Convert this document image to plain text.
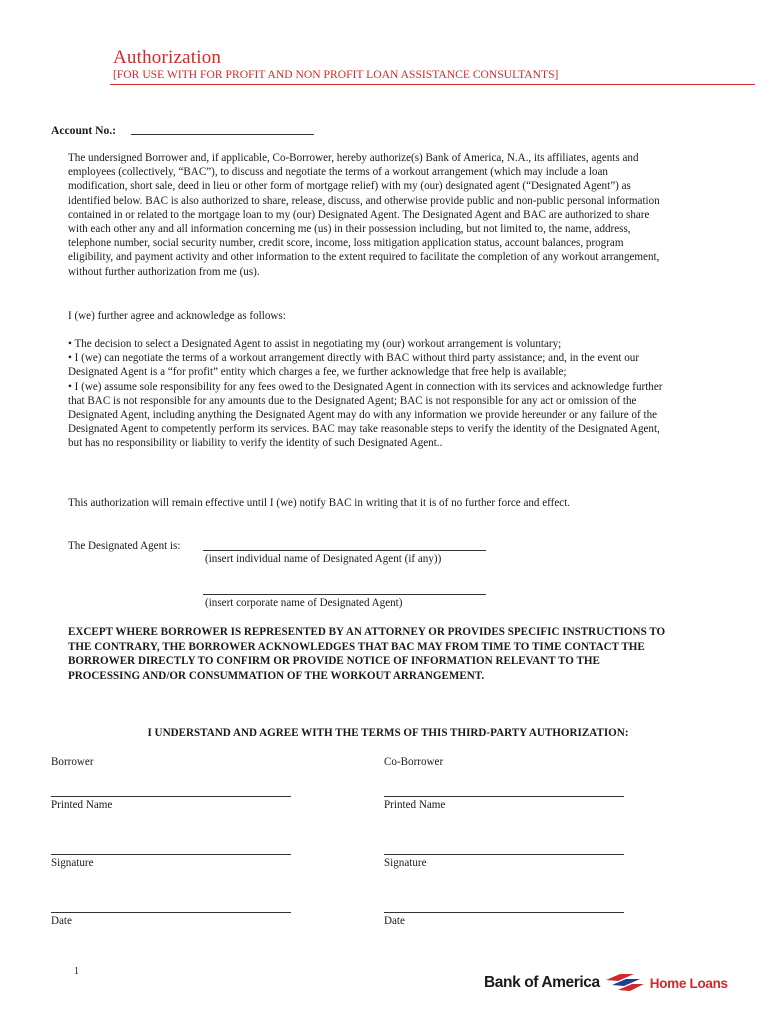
Authorization
[FOR USE WITH FOR PROFIT AND NON PROFIT LOAN ASSISTANCE CONSULTANTS]
Account No.:
The undersigned Borrower and, if applicable, Co-Borrower, hereby authorize(s) Bank of America, N.A., its affiliates, agents and employees (collectively, “BAC”), to discuss and negotiate the terms of a workout arrangement (which may include a loan modification, short sale, deed in lieu or other form of mortgage relief) with my (our) designated agent (“Designated Agent”) as identified below. BAC is also authorized to share, release, discuss, and otherwise provide public and non-public personal information contained in or related to the mortgage loan to my (our) Designated Agent. The Designated Agent and BAC are authorized to share with each other any and all information concerning me (us) in their possession including, but not limited to, the name, address, telephone number, social security number, credit score, income, loss mitigation application status, account balances, program eligibility, and payment activity and other information to the extent required to facilitate the completion of any workout arrangement, without further authorization from me (us).
I (we) further agree and acknowledge as follows:

• The decision to select a Designated Agent to assist in negotiating my (our) workout arrangement is voluntary;

• I (we) can negotiate the terms of a workout arrangement directly with BAC without third party assistance; and, in the event our Designated Agent is a “for profit” entity which charges a fee, we further acknowledge that free help is available;

• I (we) assume sole responsibility for any fees owed to the Designated Agent in connection with its services and acknowledge further that BAC is not responsible for any amounts due to the Designated Agent; BAC is not responsible for any act or omission of the Designated Agent, including anything the Designated Agent may do with any information we provide hereunder or any failure of the Designated Agent to competently perform its services. BAC may take reasonable steps to verify the identity of the Designated Agent, but has no responsibility or liability to verify the identity of such Designated Agent..

This authorization will remain effective until I (we) notify BAC in writing that it is of no further force and effect.
The Designated Agent is:
(insert individual name of Designated Agent (if any))
(insert corporate name of Designated Agent)
EXCEPT WHERE BORROWER IS REPRESENTED BY AN ATTORNEY OR PROVIDES SPECIFIC INSTRUCTIONS TO THE CONTRARY, THE BORROWER ACKNOWLEDGES THAT BAC MAY FROM TIME TO TIME CONTACT THE BORROWER DIRECTLY TO CONFIRM OR PROVIDE NOTICE OF INFORMATION RELEVANT TO THE PROCESSING AND/OR CONSUMMATION OF THE WORKOUT ARRANGEMENT.
I UNDERSTAND AND AGREE WITH THE TERMS OF THIS THIRD-PARTY AUTHORIZATION:
Borrower
Printed Name
Signature
Date
Co-Borrower
Printed Name
Signature
Date
1
Bank of America	Home Loans
